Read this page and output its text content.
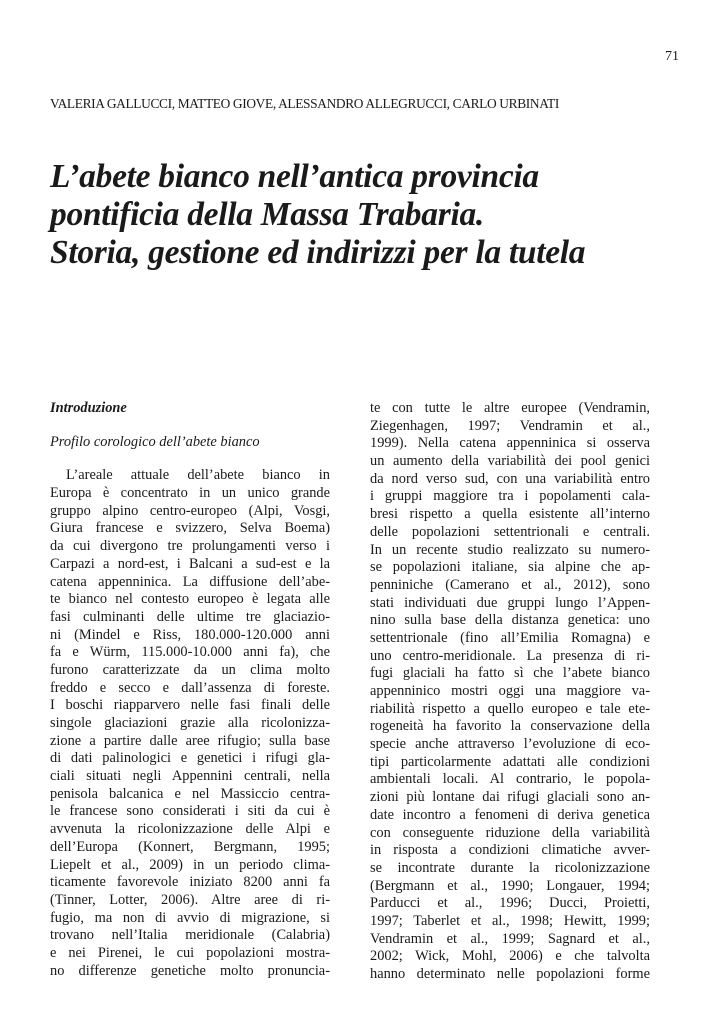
71
VALERIA GALLUCCI, MATTEO GIOVE, ALESSANDRO ALLEGRUCCI, CARLO URBINATI
L’abete bianco nell’antica provincia
pontificia della Massa Trabaria.
Storia, gestione ed indirizzi per la tutela
Introduzione
Profilo corologico dell’abete bianco
L’areale attuale dell’abete bianco in
Europa è concentrato in un unico grande
gruppo alpino centro-europeo (Alpi, Vosgi,
Giura francese e svizzero, Selva Boema)
da cui divergono tre prolungamenti verso i
Carpazi a nord-est, i Balcani a sud-est e la
catena appenninica. La diffusione dell’abe-
te bianco nel contesto europeo è legata alle
fasi culminanti delle ultime tre glaciazio-
ni (Mindel e Riss, 180.000-120.000 anni
fa e Würm, 115.000-10.000 anni fa), che
furono caratterizzate da un clima molto
freddo e secco e dall’assenza di foreste.
I boschi riapparvero nelle fasi finali delle
singole glaciazioni grazie alla ricolonizza-
zione a partire dalle aree rifugio; sulla base
di dati palinologici e genetici i rifugi gla-
ciali situati negli Appennini centrali, nella
penisola balcanica e nel Massiccio centra-
le francese sono considerati i siti da cui è
avvenuta la ricolonizzazione delle Alpi e
dell’Europa (Konnert, Bergmann, 1995;
Liepelt et al., 2009) in un periodo clima-
ticamente favorevole iniziato 8200 anni fa
(Tinner, Lotter, 2006). Altre aree di ri-
fugio, ma non di avvio di migrazione, si
trovano nell’Italia meridionale (Calabria)
e nei Pirenei, le cui popolazioni mostra-
no differenze genetiche molto pronuncia-
te con tutte le altre europee (Vendramin,
Ziegenhagen, 1997; Vendramin et al.,
1999). Nella catena appenninica si osserva
un aumento della variabilità dei pool genici
da nord verso sud, con una variabilità entro
i gruppi maggiore tra i popolamenti cala-
bresi rispetto a quella esistente all’interno
delle popolazioni settentrionali e centrali.
In un recente studio realizzato su numero-
se popolazioni italiane, sia alpine che ap-
penniniche (Camerano et al., 2012), sono
stati individuati due gruppi lungo l’Appen-
nino sulla base della distanza genetica: uno
settentrionale (fino all’Emilia Romagna) e
uno centro-meridionale. La presenza di ri-
fugi glaciali ha fatto sì che l’abete bianco
appenninico mostri oggi una maggiore va-
riabilità rispetto a quello europeo e tale ete-
rogeneità ha favorito la conservazione della
specie anche attraverso l’evoluzione di eco-
tipi particolarmente adattati alle condizioni
ambientali locali. Al contrario, le popola-
zioni più lontane dai rifugi glaciali sono an-
date incontro a fenomeni di deriva genetica
con conseguente riduzione della variabilità
in risposta a condizioni climatiche avver-
se incontrate durante la ricolonizzazione
(Bergmann et al., 1990; Longauer, 1994;
Parducci et al., 1996; Ducci, Proietti,
1997; Taberlet et al., 1998; Hewitt, 1999;
Vendramin et al., 1999; Sagnard et al.,
2002; Wick, Mohl, 2006) e che talvolta
hanno determinato nelle popolazioni forme
